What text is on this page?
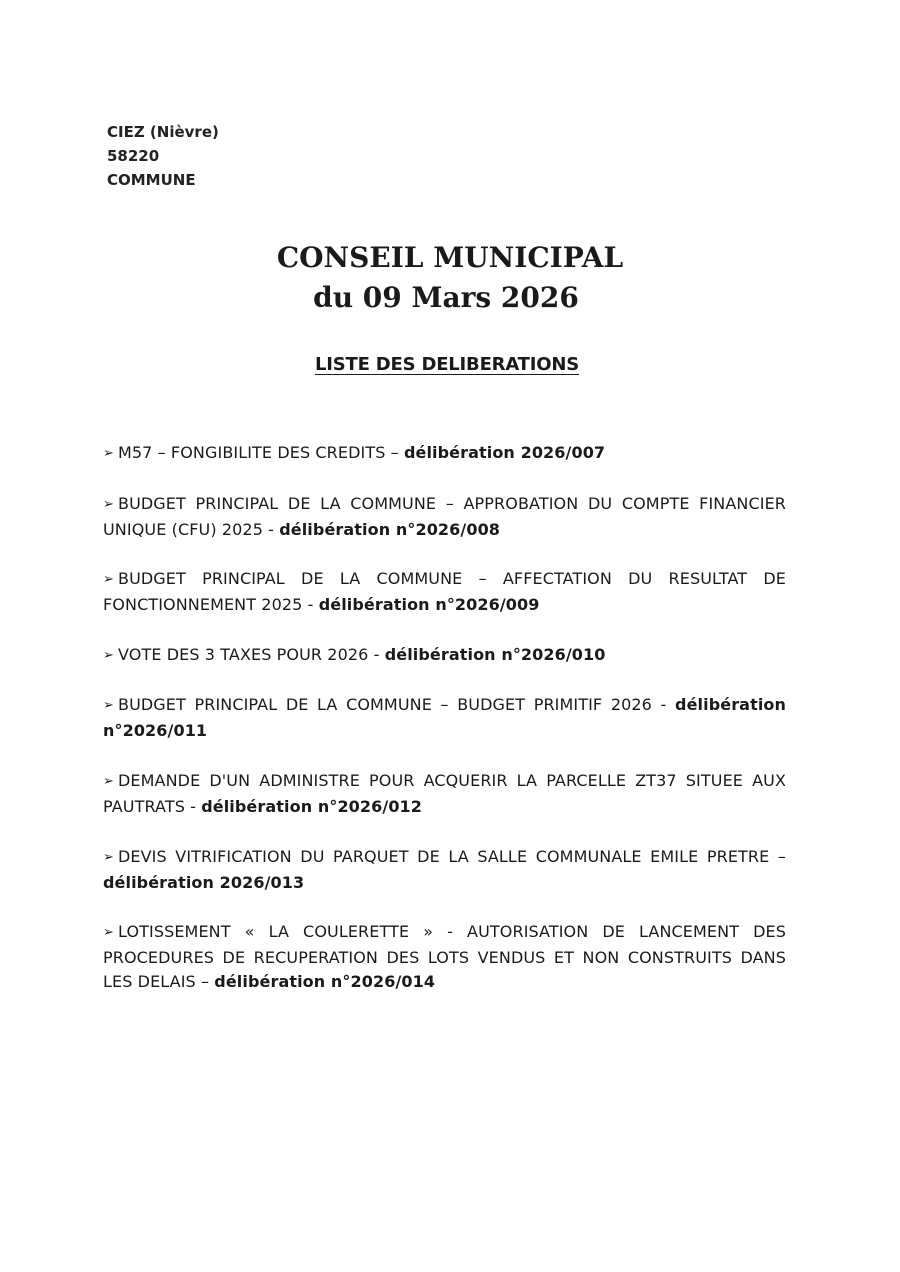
CIEZ (Nièvre)
58220
COMMUNE
CONSEIL MUNICIPAL
du 09 Mars 2026
LISTE DES DELIBERATIONS

➢ M57 – FONGIBILITE DES CREDITS – délibération 2026/007

➢ BUDGET PRINCIPAL DE LA COMMUNE – APPROBATION DU COMPTE FINANCIER UNIQUE (CFU) 2025 - délibération n°2026/008

➢ BUDGET PRINCIPAL DE LA COMMUNE – AFFECTATION DU RESULTAT DE FONCTIONNEMENT 2025 - délibération n°2026/009

➢ VOTE DES 3 TAXES POUR 2026 - délibération n°2026/010

➢ BUDGET PRINCIPAL DE LA COMMUNE – BUDGET PRIMITIF 2026 - délibération n°2026/011

➢ DEMANDE D'UN ADMINISTRE POUR ACQUERIR LA PARCELLE ZT37 SITUEE AUX PAUTRATS - délibération n°2026/012

➢ DEVIS VITRIFICATION DU PARQUET DE LA SALLE COMMUNALE EMILE PRETRE – délibération 2026/013

➢ LOTISSEMENT « LA COULERETTE » - AUTORISATION DE LANCEMENT DES PROCEDURES DE RECUPERATION DES LOTS VENDUS ET NON CONSTRUITS DANS LES DELAIS – délibération n°2026/014
